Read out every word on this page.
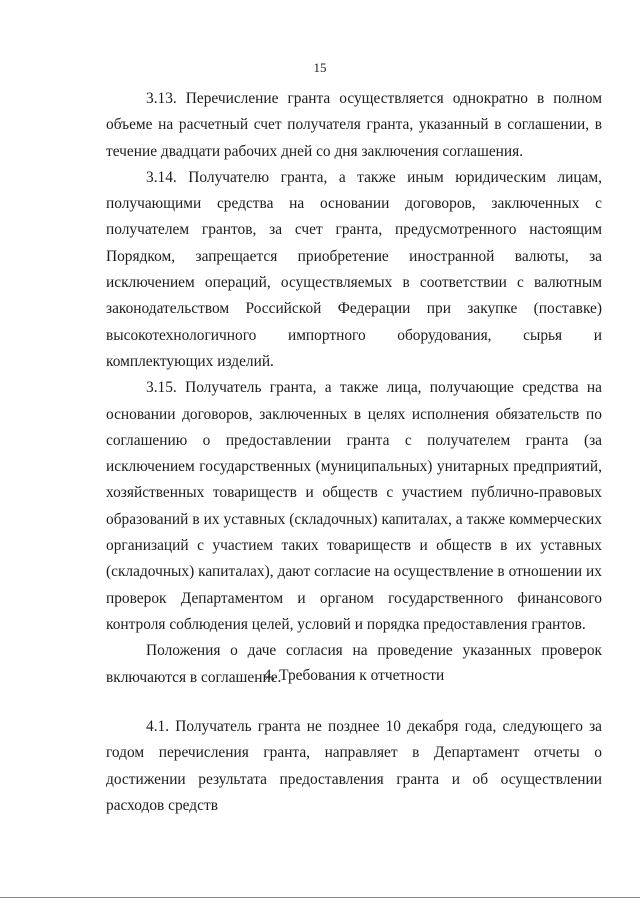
15

3.13. Перечисление гранта осуществляется однократно в полном объеме на расчетный счет получателя гранта, указанный в соглашении, в течение двадцати рабочих дней со дня заключения соглашения.

3.14. Получателю гранта, а также иным юридическим лицам, получающими средства на основании договоров, заключенных с получателем грантов, за счет гранта, предусмотренного настоящим Порядком, запрещается приобретение иностранной валюты, за исключением операций, осуществляемых в соответствии с валютным законодательством Российской Федерации при закупке (поставке) высокотехнологичного импортного оборудования, сырья и комплектующих изделий.

3.15. Получатель гранта, а также лица, получающие средства на основании договоров, заключенных в целях исполнения обязательств по соглашению о предоставлении гранта с получателем гранта (за исключением государственных (муниципальных) унитарных предприятий, хозяйственных товариществ и обществ с участием публично-правовых образований в их уставных (складочных) капиталах, а также коммерческих организаций с участием таких товариществ и обществ в их уставных (складочных) капиталах), дают согласие на осуществление в отношении их проверок Департаментом и органом государственного финансового контроля соблюдения целей, условий и порядка предоставления грантов.

Положения о даче согласия на проведение указанных проверок включаются в соглашение.

4. Требования к отчетности

4.1. Получатель гранта не позднее 10 декабря года, следующего за годом перечисления гранта, направляет в Департамент отчеты о достижении результата предоставления гранта и об осуществлении расходов средств
